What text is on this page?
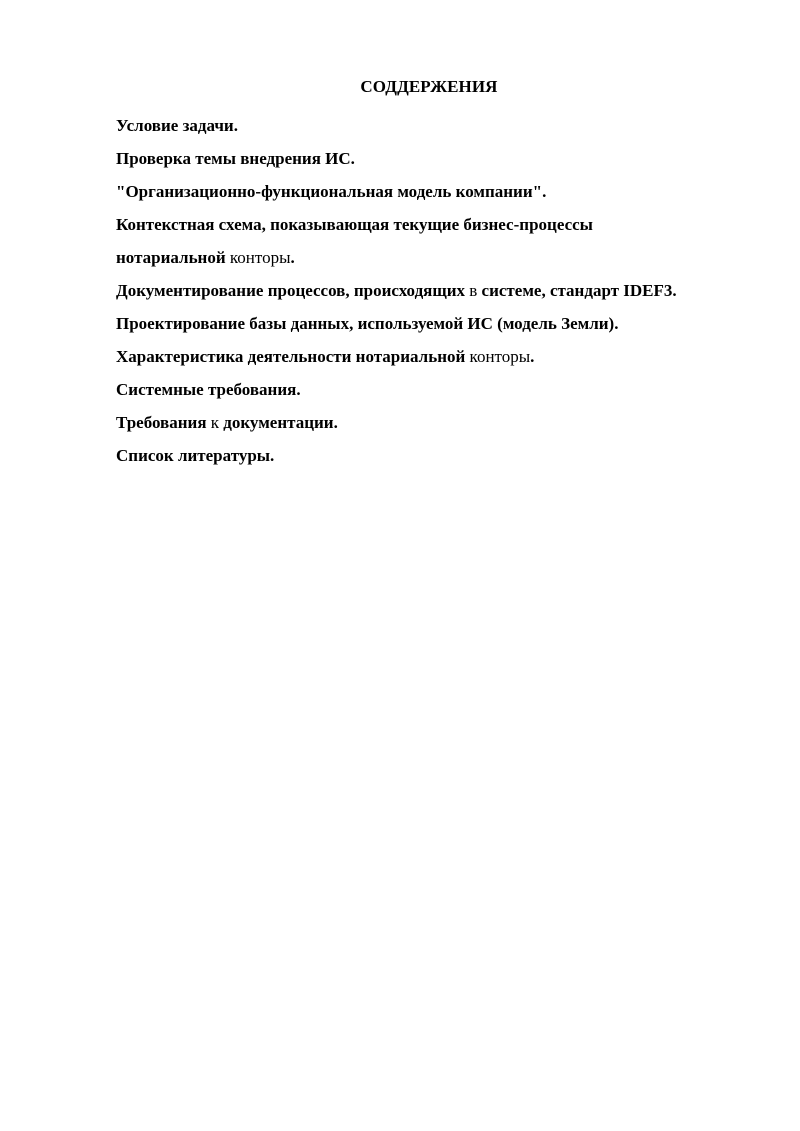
СОДДЕРЖЕНИЯ
Условие задачи.
Проверка темы внедрения ИС.
"Организационно-функциональная модель компании".
Контекстная схема, показывающая текущие бизнес-процессы
нотариальной конторы.
Документирование процессов, происходящих в системе, стандарт IDEF3.
Проектирование базы данных, используемой ИС (модель Земли).
Характеристика деятельности нотариальной конторы.
Системные требования.
Требования к документации.
Список литературы.
